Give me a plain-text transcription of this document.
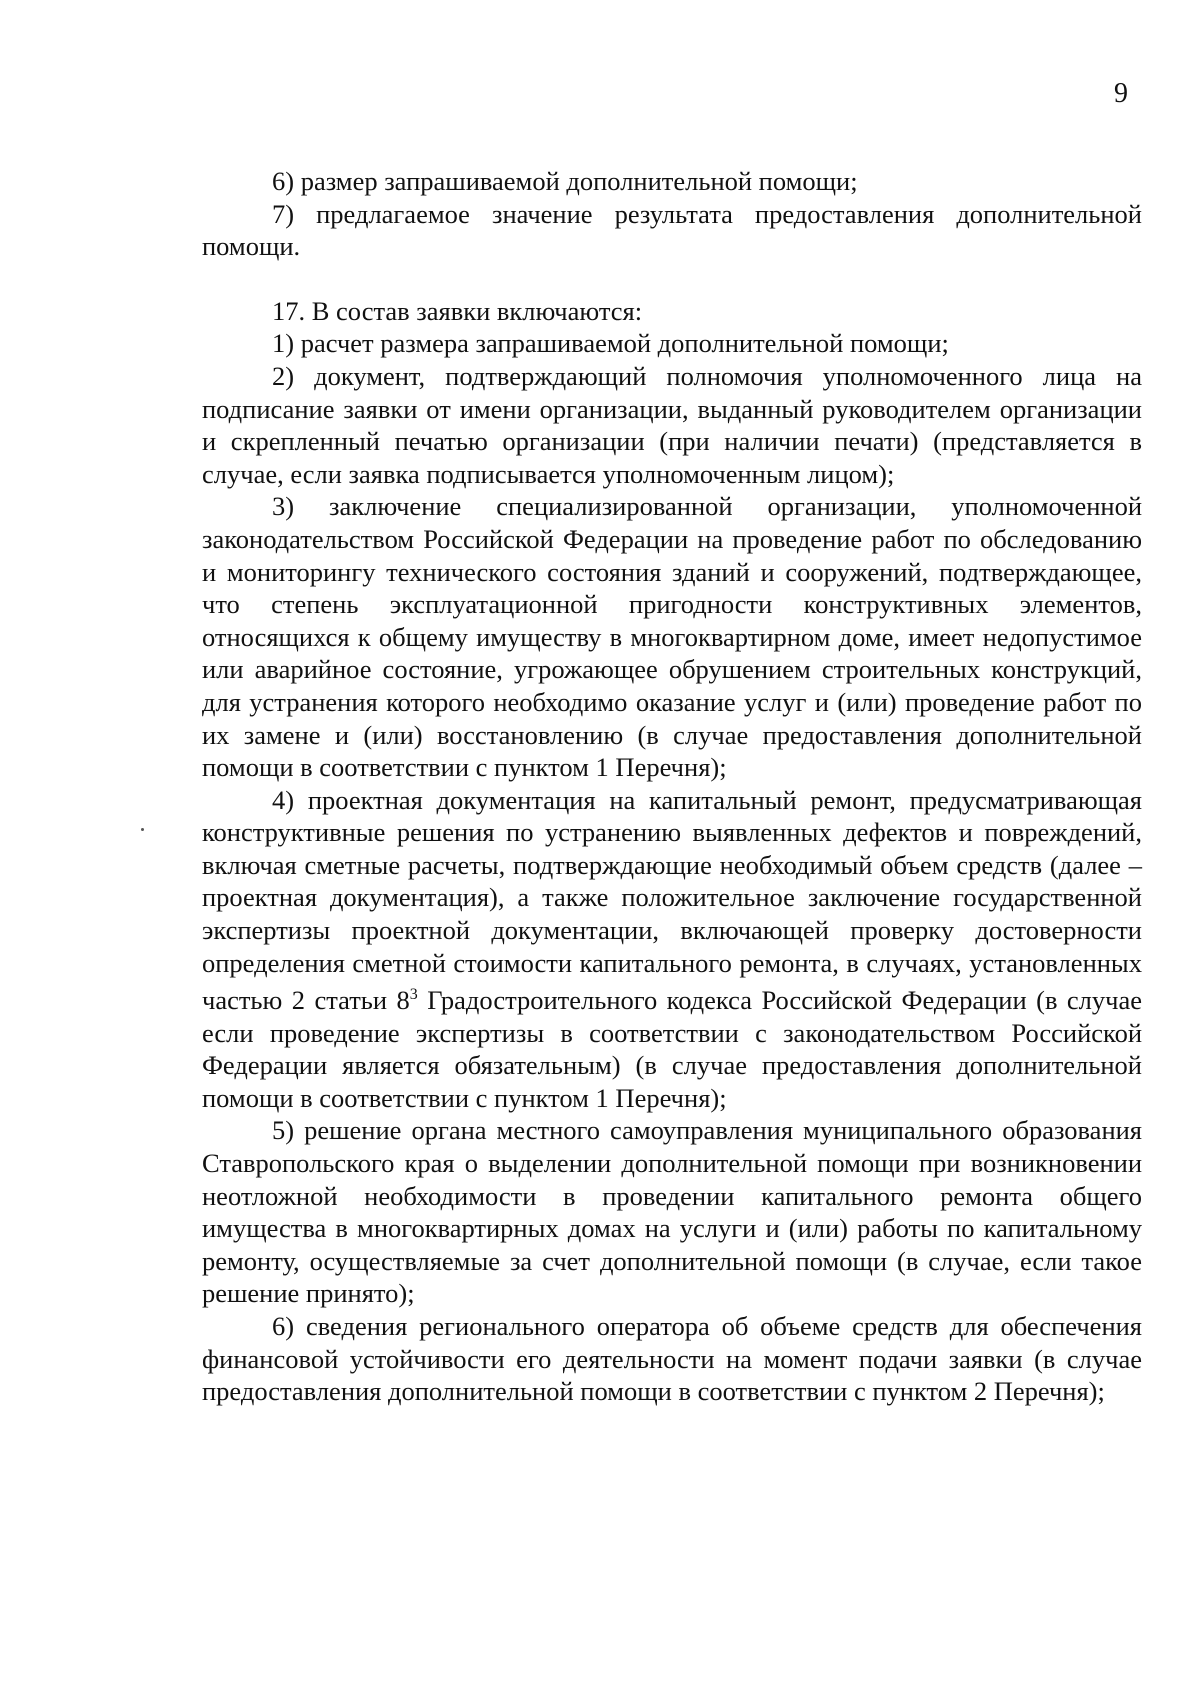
9

6) размер запрашиваемой дополнительной помощи;

7) предлагаемое значение результата предоставления дополнительной помощи.

17. В состав заявки включаются:

1) расчет размера запрашиваемой дополнительной помощи;

2) документ, подтверждающий полномочия уполномоченного лица на подписание заявки от имени организации, выданный руководителем организации и скрепленный печатью организации (при наличии печати) (представляется в случае, если заявка подписывается уполномоченным лицом);

3) заключение специализированной организации, уполномоченной законодательством Российской Федерации на проведение работ по обследованию и мониторингу технического состояния зданий и сооружений, подтверждающее, что степень эксплуатационной пригодности конструктивных элементов, относящихся к общему имуществу в многоквартирном доме, имеет недопустимое или аварийное состояние, угрожающее обрушением строительных конструкций, для устранения которого необходимо оказание услуг и (или) проведение работ по их замене и (или) восстановлению (в случае предоставления дополнительной помощи в соответствии с пунктом 1 Перечня);

4) проектная документация на капитальный ремонт, предусматривающая конструктивные решения по устранению выявленных дефектов и повреждений, включая сметные расчеты, подтверждающие необходимый объем средств (далее – проектная документация), а также положительное заключение государственной экспертизы проектной документации, включающей проверку достоверности определения сметной стоимости капитального ремонта, в случаях, установленных частью 2 статьи $8^3$ Градостроительного кодекса Российской Федерации (в случае если проведение экспертизы в соответствии с законодательством Российской Федерации является обязательным) (в случае предоставления дополнительной помощи в соответствии с пунктом 1 Перечня);

5) решение органа местного самоуправления муниципального образования Ставропольского края о выделении дополнительной помощи при возникновении неотложной необходимости в проведении капитального ремонта общего имущества в многоквартирных домах на услуги и (или) работы по капитальному ремонту, осуществляемые за счет дополнительной помощи (в случае, если такое решение принято);

6) сведения регионального оператора об объеме средств для обеспечения финансовой устойчивости его деятельности на момент подачи заявки (в случае предоставления дополнительной помощи в соответствии с пунктом 2 Перечня);
